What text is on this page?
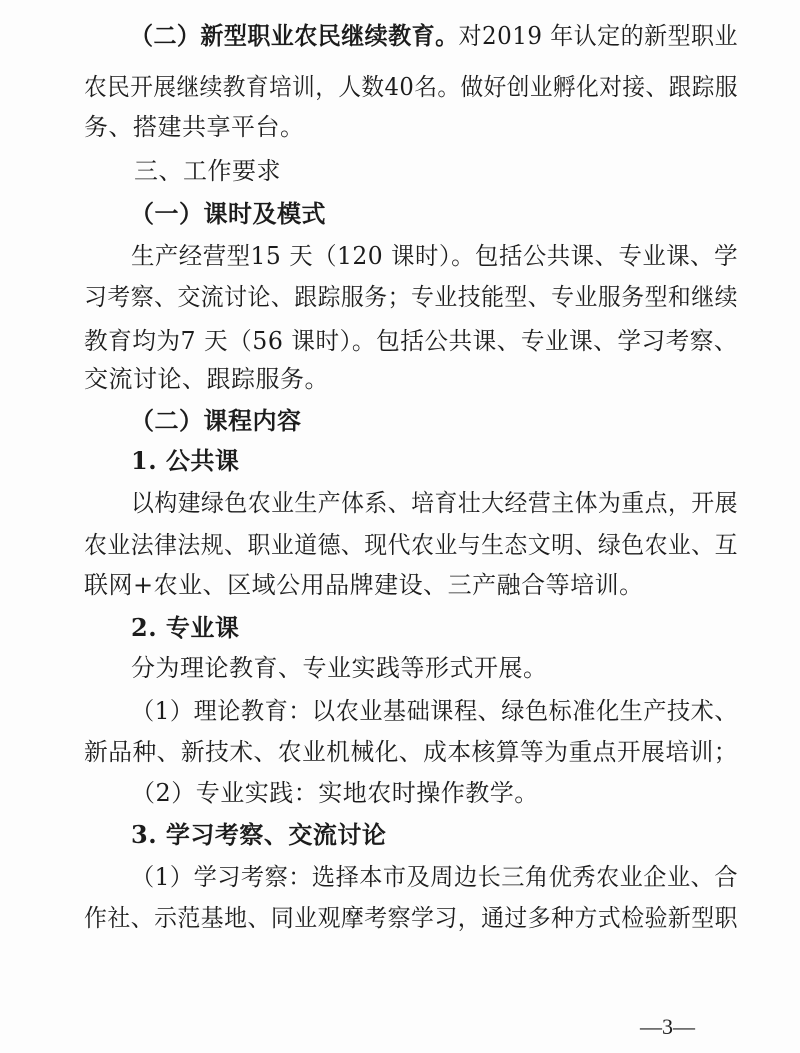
（二）新型职业农民继续教育。对2019 年认定的新型职业
农民开展继续教育培训，人数40名。做好创业孵化对接、跟踪服
务、搭建共享平台。
三、工作要求
（一）课时及模式
生产经营型15 天（120 课时）。包括公共课、专业课、学
习考察、交流讨论、跟踪服务；专业技能型、专业服务型和继续
教育均为7 天（56 课时）。包括公共课、专业课、学习考察、
交流讨论、跟踪服务。
（二）课程内容
1. 公共课
以构建绿色农业生产体系、培育壮大经营主体为重点，开展
农业法律法规、职业道德、现代农业与生态文明、绿色农业、互
联网+农业、区域公用品牌建设、三产融合等培训。
2. 专业课
分为理论教育、专业实践等形式开展。
（1）理论教育：以农业基础课程、绿色标准化生产技术、
新品种、新技术、农业机械化、成本核算等为重点开展培训；
（2）专业实践：实地农时操作教学。
3. 学习考察、交流讨论
（1）学习考察：选择本市及周边长三角优秀农业企业、合
作社、示范基地、同业观摩考察学习，通过多种方式检验新型职
—3—
